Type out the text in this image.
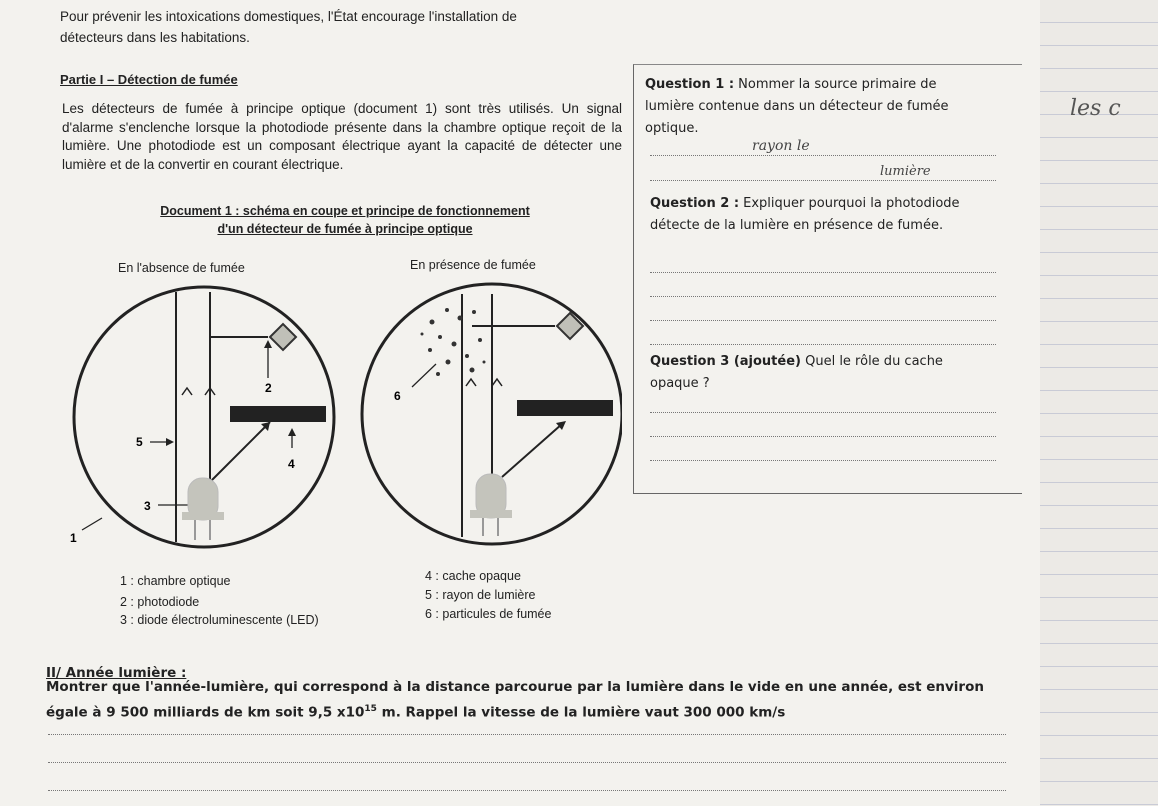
Pour prévenir les intoxications domestiques, l'État encourage l'installation de
détecteurs dans les habitations.
Partie I – Détection de fumée
Les détecteurs de fumée à principe optique (document 1) sont très utilisés. Un signal d'alarme s'enclenche lorsque la photodiode présente dans la chambre optique reçoit de la lumière. Une photodiode est un composant électrique ayant la capacité de détecter une lumière et de la convertir en courant électrique.
Document 1 : schéma en coupe et principe de fonctionnement
d'un détecteur de fumée à principe optique
En l'absence de fumée	En présence de fumée
2
4
5
3
1
6
1 : chambre optique
2 : photodiode
3 : diode électroluminescente (LED)
4 : cache opaque
5 : rayon de lumière
6 : particules de fumée
Question 1 : Nommer la source primaire de lumière contenue dans un détecteur de fumée optique.
rayon le
lumière
Question 2 : Expliquer pourquoi la photodiode détecte de la lumière en présence de fumée.
Question 3 (ajoutée) Quel le rôle du cache opaque ?
II/ Année lumière :
Montrer que l'année-lumière, qui correspond à la distance parcourue par la lumière dans le vide en une année, est environ égale à 9 500 milliards de km soit 9,5 $x10^{15}$ m. Rappel la vitesse de la lumière vaut 300 000 km/s
les c
